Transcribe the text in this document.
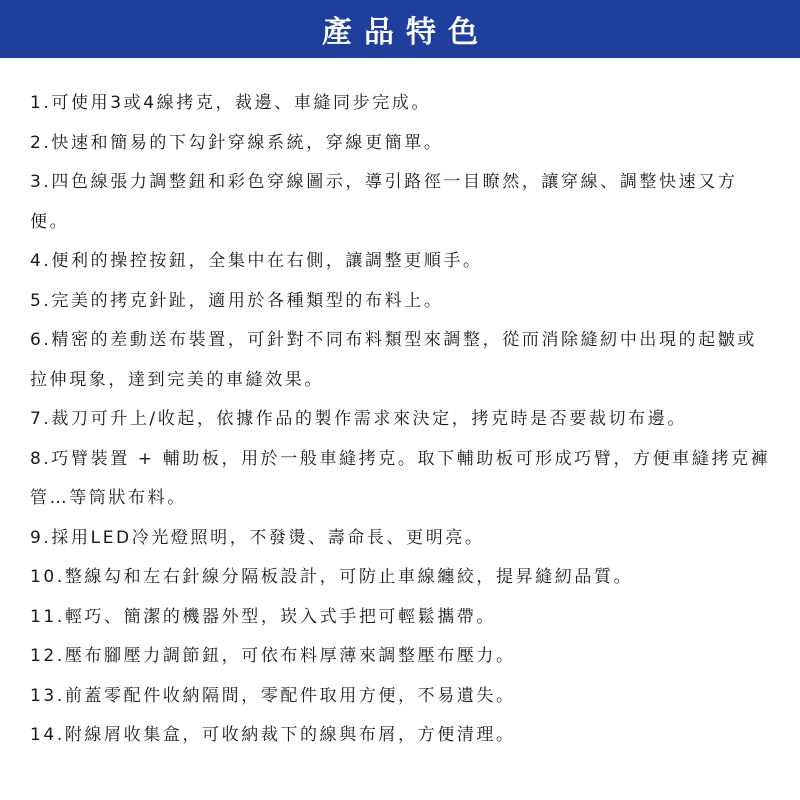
產品特色
1.可使用3或4線拷克，裁邊、車縫同步完成。
2.快速和簡易的下勾針穿線系統，穿線更簡單。
3.四色線張力調整鈕和彩色穿線圖示，導引路徑一目瞭然，讓穿線、調整快速又方便。
4.便利的操控按鈕，全集中在右側，讓調整更順手。
5.完美的拷克針趾，適用於各種類型的布料上。
6.精密的差動送布裝置，可針對不同布料類型來調整，從而消除縫紉中出現的起皺或拉伸現象，達到完美的車縫效果。
7.裁刀可升上/收起，依據作品的製作需求來決定，拷克時是否要裁切布邊。
8.巧臂裝置 + 輔助板，用於一般車縫拷克。取下輔助板可形成巧臂，方便車縫拷克褲管…等筒狀布料。
9.採用LED冷光燈照明，不發燙、壽命長、更明亮。
10.整線勾和左右針線分隔板設計，可防止車線纏絞，提昇縫紉品質。
11.輕巧、簡潔的機器外型，崁入式手把可輕鬆攜帶。
12.壓布腳壓力調節鈕，可依布料厚薄來調整壓布壓力。
13.前蓋零配件收納隔間，零配件取用方便，不易遺失。
14.附線屑收集盒，可收納裁下的線與布屑，方便清理。
